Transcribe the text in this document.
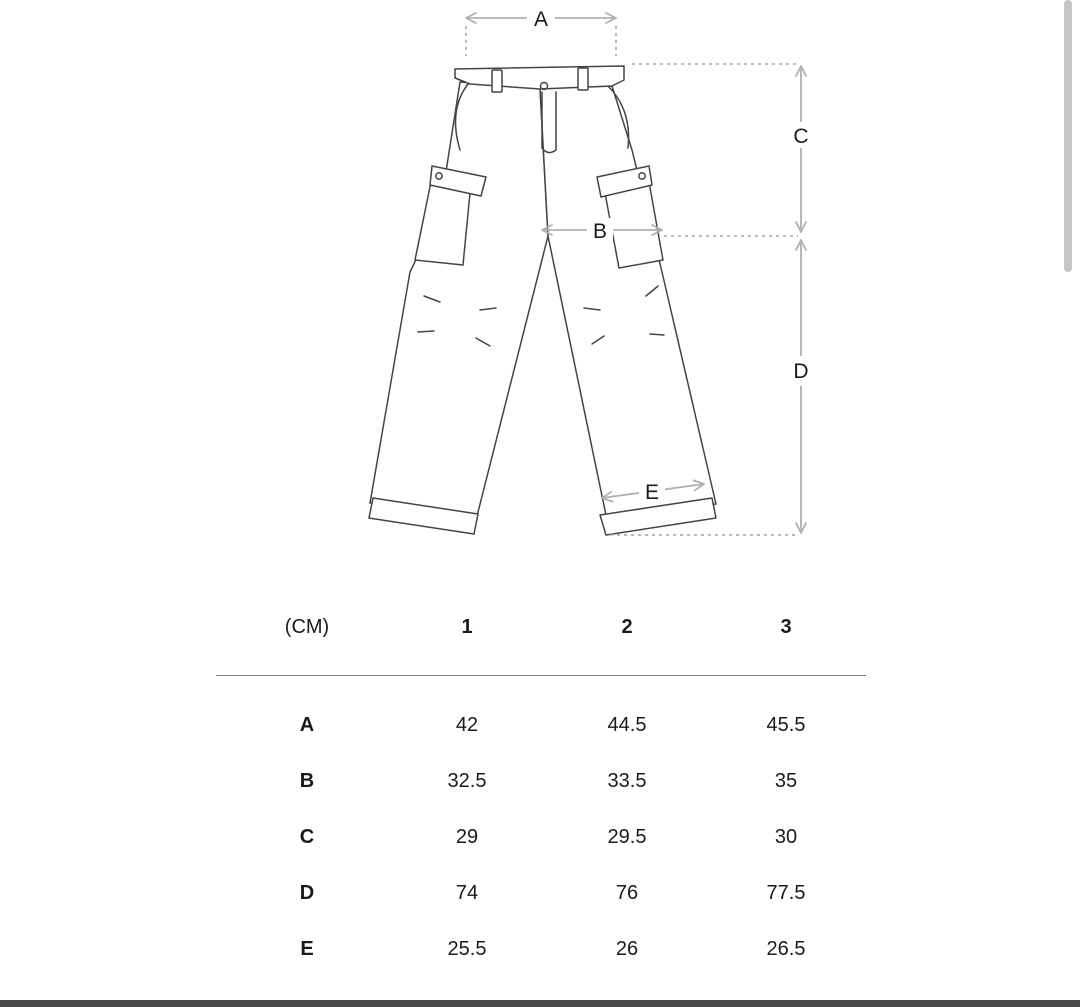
A
B
C
D
E
(CM)	1	2	3
A	42	44.5	45.5
B	32.5	33.5	35
C	29	29.5	30
D	74	76	77.5
E	25.5	26	26.5
